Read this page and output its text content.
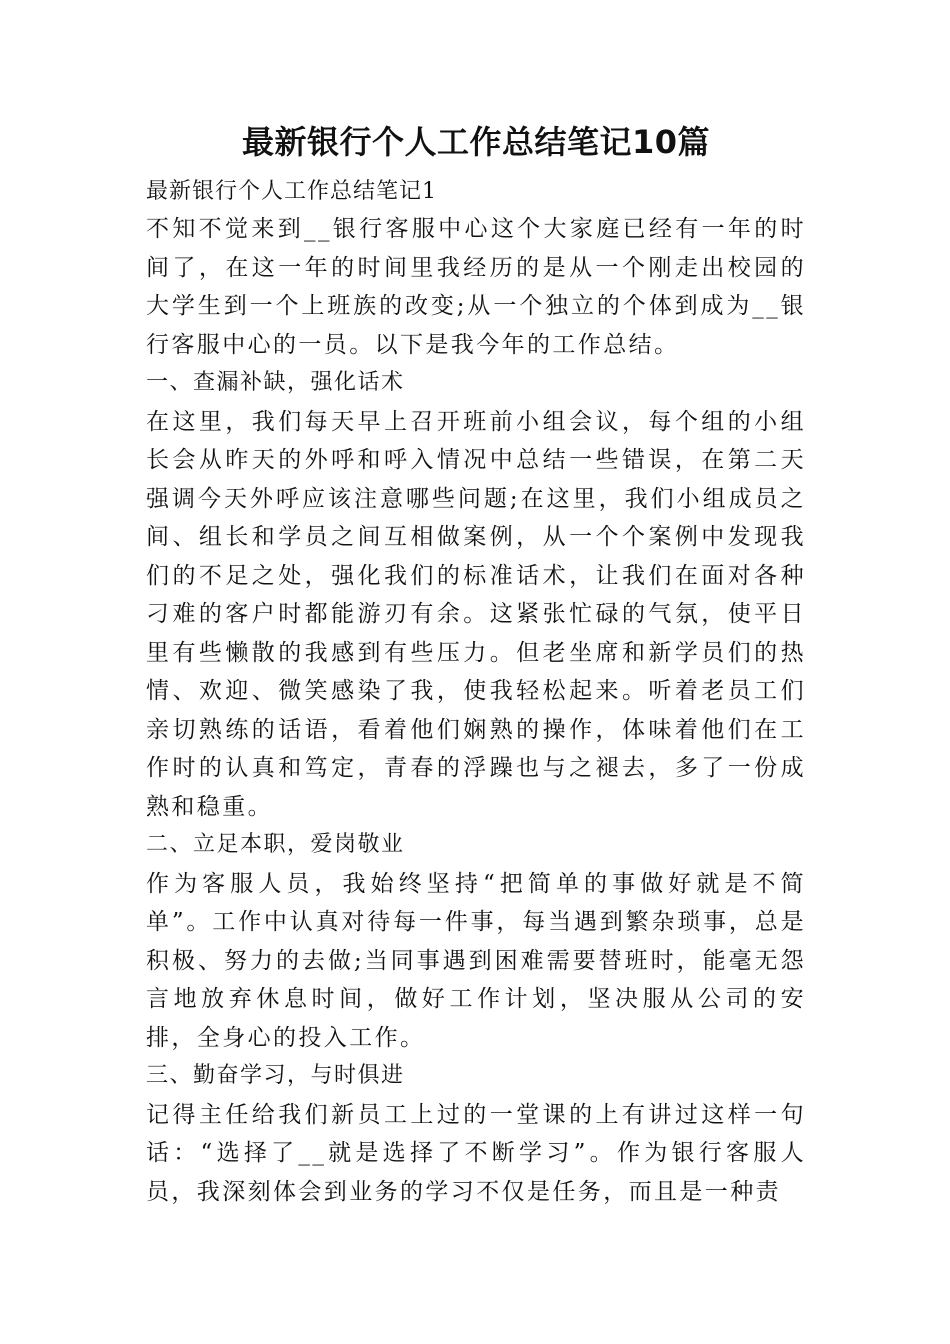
最新银行个人工作总结笔记10篇
最新银行个人工作总结笔记1

不知不觉来到__银行客服中心这个大家庭已经有一年的时间了，在这一年的时间里我经历的是从一个刚走出校园的大学生到一个上班族的改变;从一个独立的个体到成为__银行客服中心的一员。以下是我今年的工作总结。

一、查漏补缺，强化话术

在这里，我们每天早上召开班前小组会议，每个组的小组长会从昨天的外呼和呼入情况中总结一些错误，在第二天强调今天外呼应该注意哪些问题;在这里，我们小组成员之间、组长和学员之间互相做案例，从一个个案例中发现我们的不足之处，强化我们的标准话术，让我们在面对各种刁难的客户时都能游刃有余。这紧张忙碌的气氛，使平日里有些懒散的我感到有些压力。但老坐席和新学员们的热情、欢迎、微笑感染了我，使我轻松起来。听着老员工们亲切熟练的话语，看着他们娴熟的操作，体味着他们在工作时的认真和笃定，青春的浮躁也与之褪去，多了一份成熟和稳重。

二、立足本职，爱岗敬业

作为客服人员，我始终坚持“把简单的事做好就是不简单”。工作中认真对待每一件事，每当遇到繁杂琐事，总是积极、努力的去做;当同事遇到困难需要替班时，能毫无怨言地放弃休息时间，做好工作计划，坚决服从公司的安排，全身心的投入工作。

三、勤奋学习，与时俱进

记得主任给我们新员工上过的一堂课的上有讲过这样一句话：“选择了__就是选择了不断学习”。作为银行客服人员，我深刻体会到业务的学习不仅是任务，而且是一种责
